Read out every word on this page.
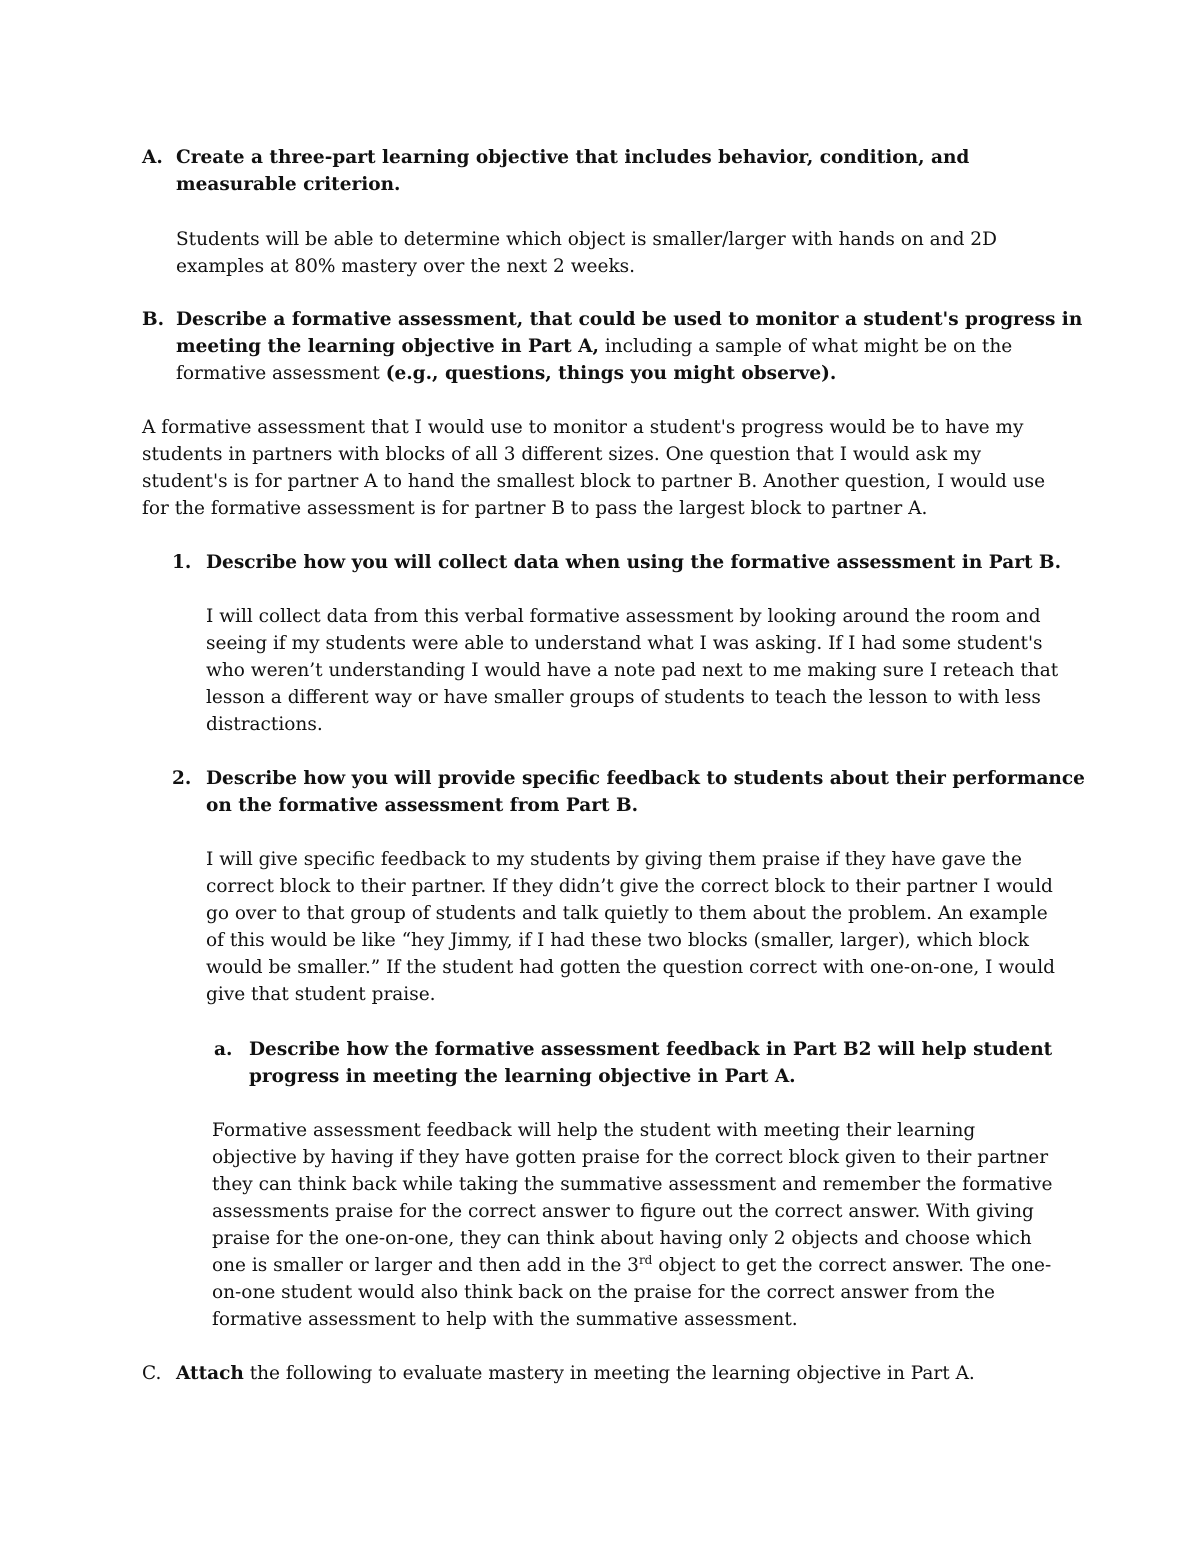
A. Create a three-part learning objective that includes behavior, condition, and
measurable criterion.
Students will be able to determine which object is smaller/larger with hands on and 2D
examples at 80% mastery over the next 2 weeks.
B. Describe a formative assessment, that could be used to monitor a student's progress in
meeting the learning objective in Part A, including a sample of what might be on the
formative assessment (e.g., questions, things you might observe).
A formative assessment that I would use to monitor a student's progress would be to have my
students in partners with blocks of all 3 different sizes. One question that I would ask my
student's is for partner A to hand the smallest block to partner B. Another question, I would use
for the formative assessment is for partner B to pass the largest block to partner A.
1. Describe how you will collect data when using the formative assessment in Part B.
I will collect data from this verbal formative assessment by looking around the room and
seeing if my students were able to understand what I was asking. If I had some student's
who weren’t understanding I would have a note pad next to me making sure I reteach that
lesson a different way or have smaller groups of students to teach the lesson to with less
distractions.
2. Describe how you will provide specific feedback to students about their performance
on the formative assessment from Part B.
I will give specific feedback to my students by giving them praise if they have gave the
correct block to their partner. If they didn’t give the correct block to their partner I would
go over to that group of students and talk quietly to them about the problem. An example
of this would be like “hey Jimmy, if I had these two blocks (smaller, larger), which block
would be smaller.” If the student had gotten the question correct with one-on-one, I would
give that student praise.
a. Describe how the formative assessment feedback in Part B2 will help student
progress in meeting the learning objective in Part A.
Formative assessment feedback will help the student with meeting their learning
objective by having if they have gotten praise for the correct block given to their partner
they can think back while taking the summative assessment and remember the formative
assessments praise for the correct answer to figure out the correct answer. With giving
praise for the one-on-one, they can think about having only 2 objects and choose which
one is smaller or larger and then add in the 3rd object to get the correct answer. The one-
on-one student would also think back on the praise for the correct answer from the
formative assessment to help with the summative assessment.
C. Attach the following to evaluate mastery in meeting the learning objective in Part A.
